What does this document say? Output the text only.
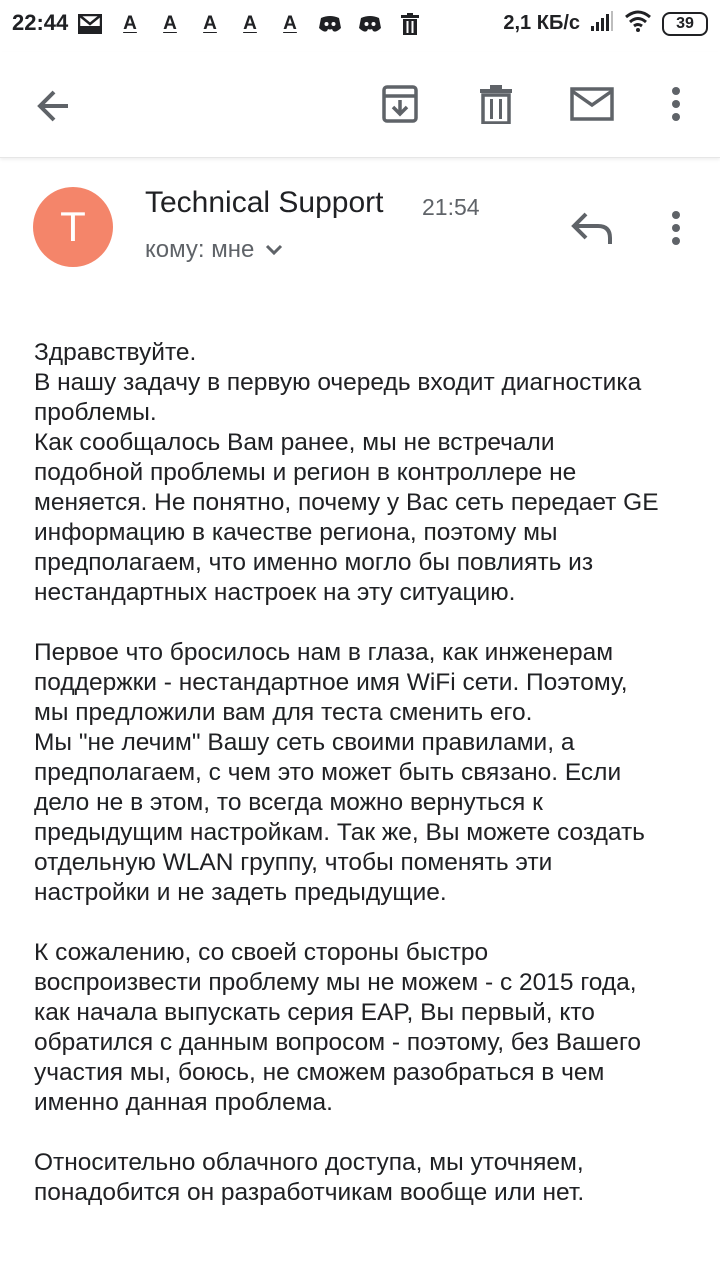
22:44	A A A A A	2,1 КБ/с	39
T
Technical Support 21:54
кому: мне
Здравствуйте.
В нашу задачу в первую очередь входит диагностика
проблемы.
Как сообщалось Вам ранее, мы не встречали
подобной проблемы и регион в контроллере не
меняется. Не понятно, почему у Вас сеть передает GE
информацию в качестве региона, поэтому мы
предполагаем, что именно могло бы повлиять из
нестандартных настроек на эту ситуацию.
Первое что бросилось нам в глаза, как инженерам
поддержки - нестандартное имя WiFi сети. Поэтому,
мы предложили вам для теста сменить его.
Мы "не лечим" Вашу сеть своими правилами, а
предполагаем, с чем это может быть связано. Если
дело не в этом, то всегда можно вернуться к
предыдущим настройкам. Так же, Вы можете создать
отдельную WLAN группу, чтобы поменять эти
настройки и не задеть предыдущие.
К сожалению, со своей стороны быстро
воспроизвести проблему мы не можем - с 2015 года,
как начала выпускать серия EAP, Вы первый, кто
обратился с данным вопросом - поэтому, без Вашего
участия мы, боюсь, не сможем разобраться в чем
именно данная проблема.
Относительно облачного доступа, мы уточняем,
понадобится он разработчикам вообще или нет.
